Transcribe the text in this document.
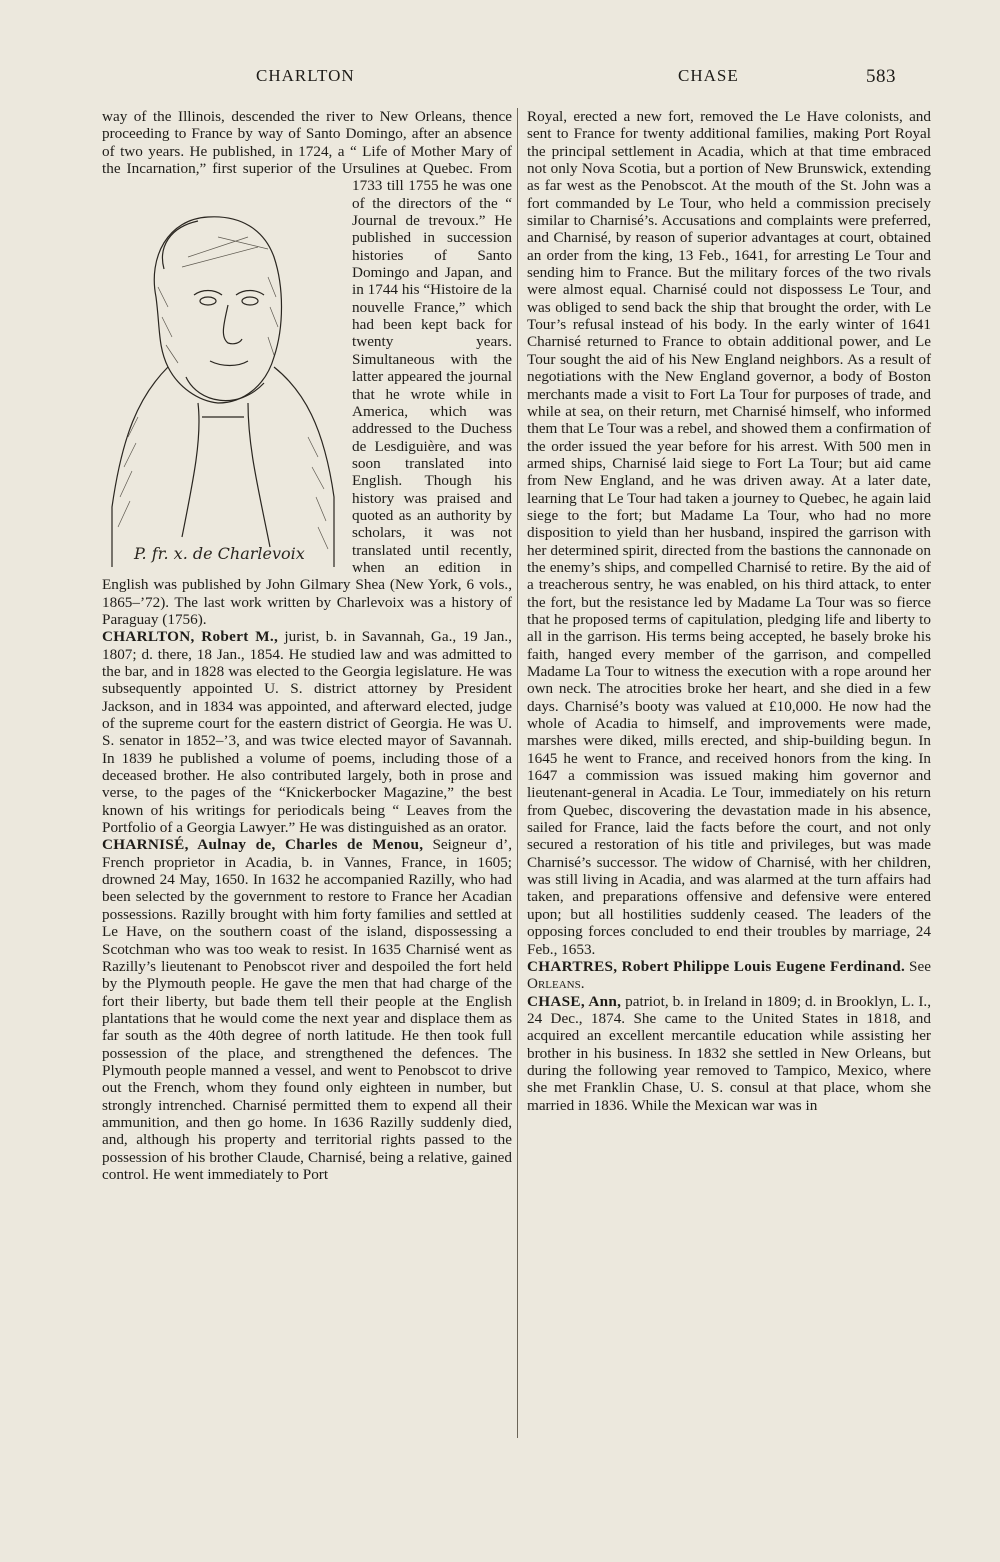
CHARLTON	CHASE	583

way of the Illinois, descended the river to New Orleans, thence proceeding to France by way of Santo Domingo, after an absence of two years. He published, in 1724, a “ Life of Mother Mary of the Incarnation,” first superior of the Ursulines at
P. fr. x. de Charlevoix
Quebec. From 1733 till 1755 he was one of the directors of the “ Journal de trevoux.” He published in succession histories of Santo Domingo and Japan, and in 1744 his “Histoire de la nouvelle France,” which had been kept back for twenty years. Simultaneous with the latter appeared the journal that he wrote while in America, which was addressed to the Duchess de Lesdiguière, and was soon translated into English. Though his history was praised and quoted as an authority by scholars, it was not translated until recently, when an edition in English was published by John Gilmary Shea (New York, 6 vols., 1865–’72). The last work written by Charlevoix was a history of Paraguay (1756).

CHARLTON, Robert M., jurist, b. in Savannah, Ga., 19 Jan., 1807; d. there, 18 Jan., 1854. He studied law and was admitted to the bar, and in 1828 was elected to the Georgia legislature. He was subsequently appointed U. S. district attorney by President Jackson, and in 1834 was appointed, and afterward elected, judge of the supreme court for the eastern district of Georgia. He was U. S. senator in 1852–’3, and was twice elected mayor of Savannah. In 1839 he published a volume of poems, including those of a deceased brother. He also contributed largely, both in prose and verse, to the pages of the “Knickerbocker Magazine,” the best known of his writings for periodicals being “ Leaves from the Portfolio of a Georgia Lawyer.” He was distinguished as an orator.

CHARNISÉ, Aulnay de, Charles de Menou, Seigneur d’, French proprietor in Acadia, b. in Vannes, France, in 1605; drowned 24 May, 1650. In 1632 he accompanied Razilly, who had been selected by the government to restore to France her Acadian possessions. Razilly brought with him forty families and settled at Le Have, on the southern coast of the island, dispossessing a Scotchman who was too weak to resist. In 1635 Charnisé went as Razilly’s lieutenant to Penobscot river and despoiled the fort held by the Plymouth people. He gave the men that had charge of the fort their liberty, but bade them tell their people at the English plantations that he would come the next year and displace them as far south as the 40th degree of north latitude. He then took full possession of the place, and strengthened the defences. The Plymouth people manned a vessel, and went to Penobscot to drive out the French, whom they found only eighteen in number, but strongly intrenched. Charnisé permitted them to expend all their ammunition, and then go home. In 1636 Razilly suddenly died, and, although his property and territorial rights passed to the possession of his brother Claude, Charnisé, being a relative, gained control. He went immediately to Port

Royal, erected a new fort, removed the Le Have colonists, and sent to France for twenty additional families, making Port Royal the principal settlement in Acadia, which at that time embraced not only Nova Scotia, but a portion of New Brunswick, extending as far west as the Penobscot. At the mouth of the St. John was a fort commanded by Le Tour, who held a commission precisely similar to Charnisé’s. Accusations and complaints were preferred, and Charnisé, by reason of superior advantages at court, obtained an order from the king, 13 Feb., 1641, for arresting Le Tour and sending him to France. But the military forces of the two rivals were almost equal. Charnisé could not dispossess Le Tour, and was obliged to send back the ship that brought the order, with Le Tour’s refusal instead of his body. In the early winter of 1641 Charnisé returned to France to obtain additional power, and Le Tour sought the aid of his New England neighbors. As a result of negotiations with the New England governor, a body of Boston merchants made a visit to Fort La Tour for purposes of trade, and while at sea, on their return, met Charnisé himself, who informed them that Le Tour was a rebel, and showed them a confirmation of the order issued the year before for his arrest. With 500 men in armed ships, Charnisé laid siege to Fort La Tour; but aid came from New England, and he was driven away. At a later date, learning that Le Tour had taken a journey to Quebec, he again laid siege to the fort; but Madame La Tour, who had no more disposition to yield than her husband, inspired the garrison with her determined spirit, directed from the bastions the cannonade on the enemy’s ships, and compelled Charnisé to retire. By the aid of a treacherous sentry, he was enabled, on his third attack, to enter the fort, but the resistance led by Madame La Tour was so fierce that he proposed terms of capitulation, pledging life and liberty to all in the garrison. His terms being accepted, he basely broke his faith, hanged every member of the garrison, and compelled Madame La Tour to witness the execution with a rope around her own neck. The atrocities broke her heart, and she died in a few days. Charnisé’s booty was valued at £10,000. He now had the whole of Acadia to himself, and improvements were made, marshes were diked, mills erected, and ship-building begun. In 1645 he went to France, and received honors from the king. In 1647 a commission was issued making him governor and lieutenant-general in Acadia. Le Tour, immediately on his return from Quebec, discovering the devastation made in his absence, sailed for France, laid the facts before the court, and not only secured a restoration of his title and privileges, but was made Charnisé’s successor. The widow of Charnisé, with her children, was still living in Acadia, and was alarmed at the turn affairs had taken, and preparations offensive and defensive were entered upon; but all hostilities suddenly ceased. The leaders of the opposing forces concluded to end their troubles by marriage, 24 Feb., 1653.

CHARTRES, Robert Philippe Louis Eugene Ferdinand. See Orleans.

CHASE, Ann, patriot, b. in Ireland in 1809; d. in Brooklyn, L. I., 24 Dec., 1874. She came to the United States in 1818, and acquired an excellent mercantile education while assisting her brother in his business. In 1832 she settled in New Orleans, but during the following year removed to Tampico, Mexico, where she met Franklin Chase, U. S. consul at that place, whom she married in 1836. While the Mexican war was in
